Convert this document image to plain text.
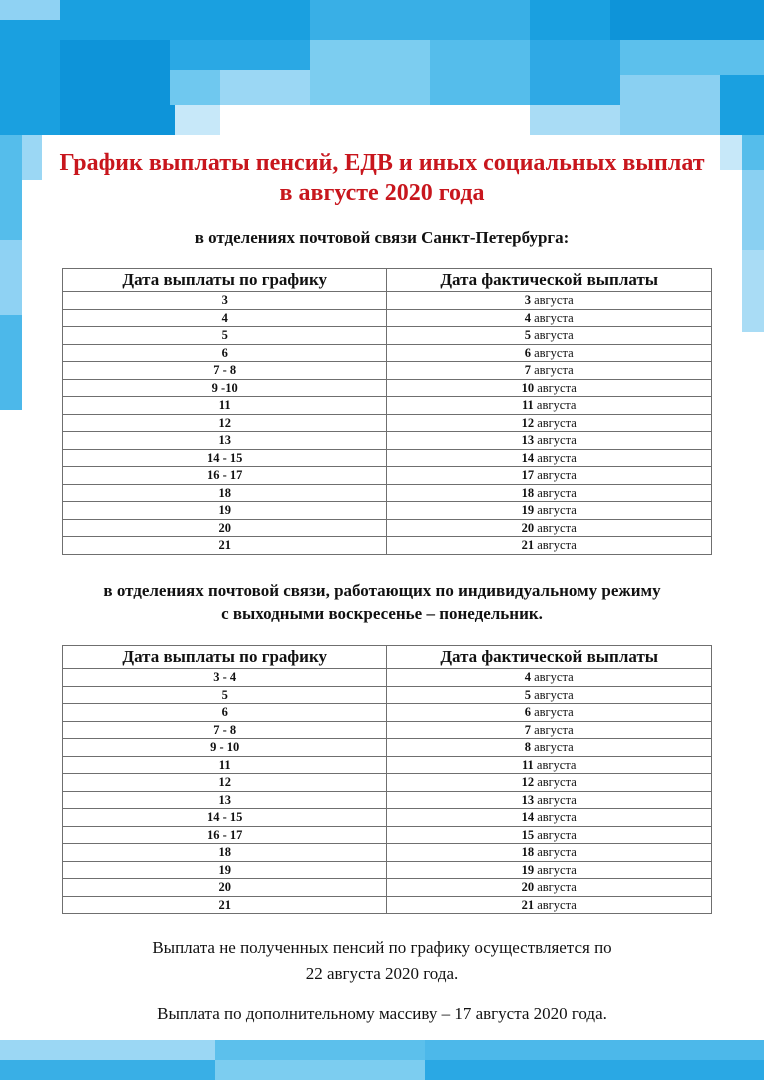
График выплаты пенсий, ЕДВ и иных социальных выплат
в августе 2020 года

в отделениях почтовой связи Санкт-Петербурга:

Дата выплаты по графику	Дата фактической выплаты
3	3 августа
4	4 августа
5	5 августа
6	6 августа
7 - 8	7 августа
9 -10	10 августа
11	11 августа
12	12 августа
13	13 августа
14 - 15	14 августа
16 - 17	17 августа
18	18 августа
19	19 августа
20	20 августа
21	21 августа

в отделениях почтовой связи, работающих по индивидуальному режиму
с выходными воскресенье – понедельник.

Дата выплаты по графику	Дата фактической выплаты
3 - 4	4 августа
5	5 августа
6	6 августа
7 - 8	7 августа
9 - 10	8 августа
11	11 августа
12	12 августа
13	13 августа
14 - 15	14 августа
16 - 17	15 августа
18	18 августа
19	19 августа
20	20 августа
21	21 августа

Выплата не полученных пенсий по графику осуществляется по
22 августа 2020 года.

Выплата по дополнительному массиву – 17 августа 2020 года.
